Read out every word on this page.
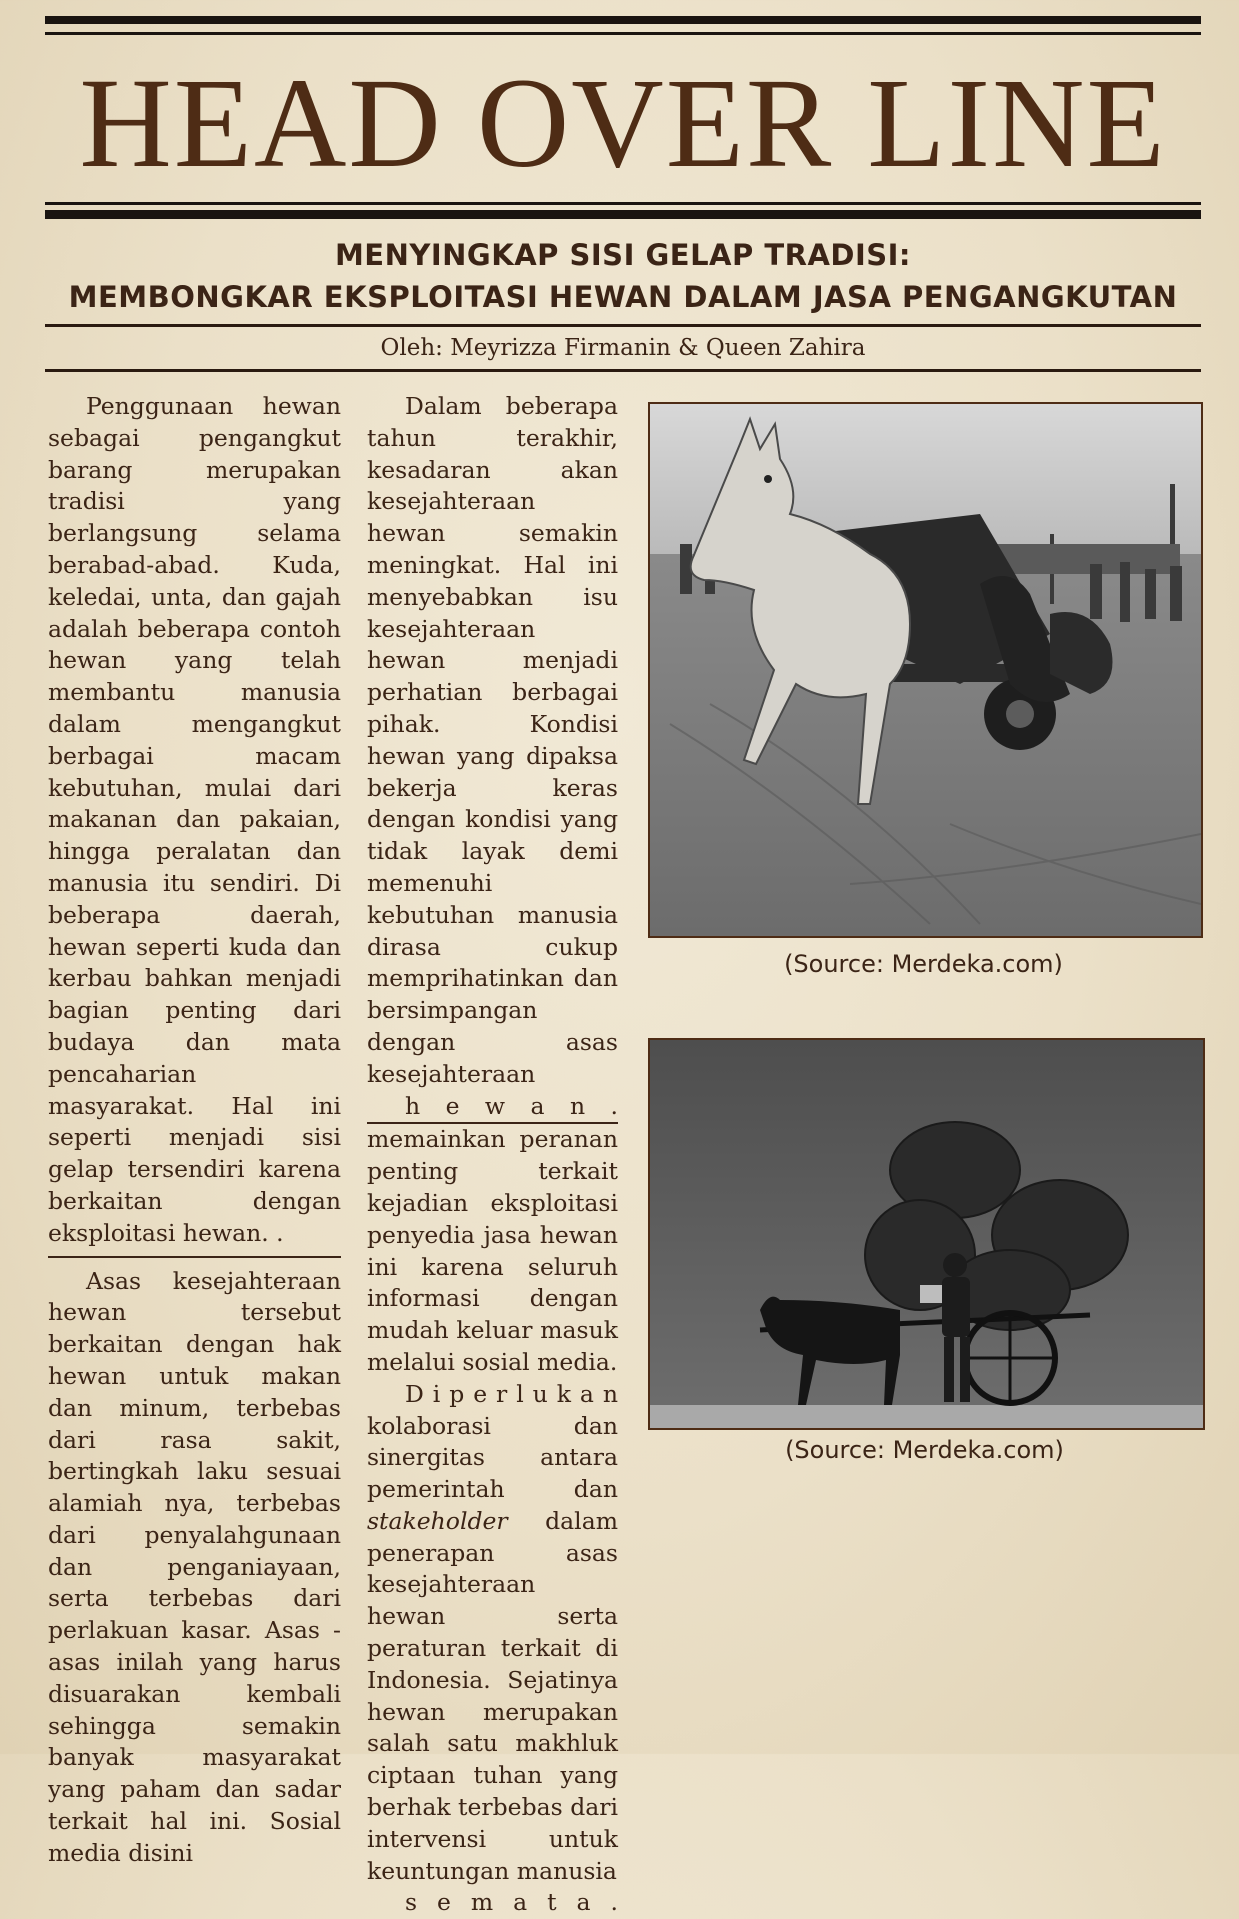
HEAD OVER LINE
MENYINGKAP SISI GELAP TRADISI:
MEMBONGKAR EKSPLOITASI HEWAN DALAM JASA PENGANGKUTAN
Oleh: Meyrizza Firmanin & Queen Zahira

Penggunaan hewan sebagai pengangkut barang merupakan tradisi yang berlangsung selama berabad-abad. Kuda, keledai, unta, dan gajah adalah beberapa contoh hewan yang telah membantu manusia dalam mengangkut berbagai macam kebutuhan, mulai dari makanan dan pakaian, hingga peralatan dan manusia itu sendiri. Di beberapa daerah, hewan seperti kuda dan kerbau bahkan menjadi bagian penting dari budaya dan mata pencaharian masyarakat. Hal ini seperti menjadi sisi gelap tersendiri karena berkaitan dengan eksploitasi hewan. .

Asas kesejahteraan hewan tersebut berkaitan dengan hak hewan untuk makan dan minum, terbebas dari rasa sakit, bertingkah laku sesuai alamiah nya, terbebas dari penyalahgunaan dan penganiayaan, serta terbebas dari perlakuan kasar. Asas - asas inilah yang harus disuarakan kembali sehingga semakin banyak masyarakat yang paham dan sadar terkait hal ini. Sosial media disini

Dalam beberapa tahun terakhir, kesadaran akan kesejahteraan hewan semakin meningkat. Hal ini menyebabkan isu kesejahteraan hewan menjadi perhatian berbagai pihak. Kondisi hewan yang dipaksa bekerja keras dengan kondisi yang tidak layak demi memenuhi kebutuhan manusia dirasa cukup memprihatinkan dan bersimpangan dengan asas kesejahteraan
h e w a n .

memainkan peranan penting terkait kejadian eksploitasi penyedia jasa hewan ini karena seluruh informasi dengan mudah keluar masuk melalui sosial media.

D i p e r l u k a n kolaborasi dan sinergitas antara pemerintah dan stakeholder dalam penerapan asas kesejahteraan hewan serta peraturan terkait di Indonesia. Sejatinya hewan merupakan salah satu makhluk ciptaan tuhan yang berhak terbebas dari intervensi untuk keuntungan manusia
s e m a t a .

(Source: Merdeka.com)
(Source: Merdeka.com)
